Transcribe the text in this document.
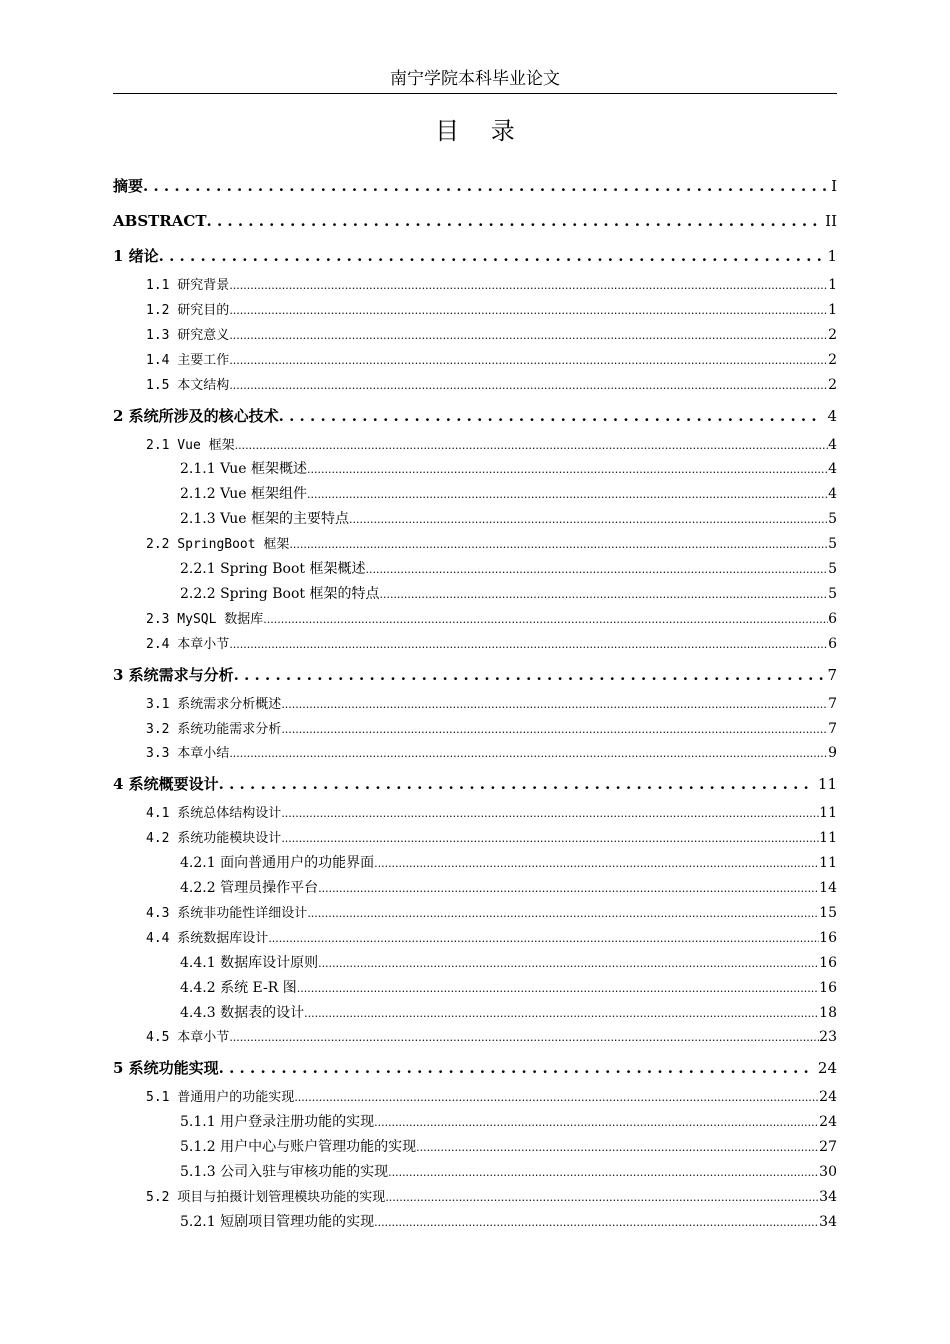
南宁学院本科毕业论文
目 录
摘要 . . .	I
ABSTRACT . . .	II
1 绪论 . . .	1
1.1 研究背景 .....	1
1.2 研究目的 .....	1
1.3 研究意义 .....	2
1.4 主要工作 .....	2
1.5 本文结构 .....	2
2 系统所涉及的核心技术 . . .	4
2.1 Vue 框架 .....	4
2.1.1 Vue 框架概述 .....	4
2.1.2 Vue 框架组件 .....	4
2.1.3 Vue 框架的主要特点 .....	5
2.2 SpringBoot 框架 .....	5
2.2.1 Spring Boot 框架概述 .....	5
2.2.2 Spring Boot 框架的特点 .....	5
2.3 MySQL 数据库 .....	6
2.4 本章小节 .....	6
3 系统需求与分析 . . .	7
3.1 系统需求分析概述 .....	7
3.2 系统功能需求分析 .....	7
3.3 本章小结 .....	9
4 系统概要设计 . . .	11
4.1 系统总体结构设计 .....	11
4.2 系统功能模块设计 .....	11
4.2.1 面向普通用户的功能界面 .....	11
4.2.2 管理员操作平台 .....	14
4.3 系统非功能性详细设计 .....	15
4.4 系统数据库设计 .....	16
4.4.1 数据库设计原则 .....	16
4.4.2 系统 E-R 图 .....	16
4.4.3 数据表的设计 .....	18
4.5 本章小节 .....	23
5 系统功能实现 . . .	24
5.1 普通用户的功能实现 .....	24
5.1.1 用户登录注册功能的实现 .....	24
5.1.2 用户中心与账户管理功能的实现 .....	27
5.1.3 公司入驻与审核功能的实现 .....	30
5.2 项目与拍摄计划管理模块功能的实现 .....	34
5.2.1 短剧项目管理功能的实现 .....	34
